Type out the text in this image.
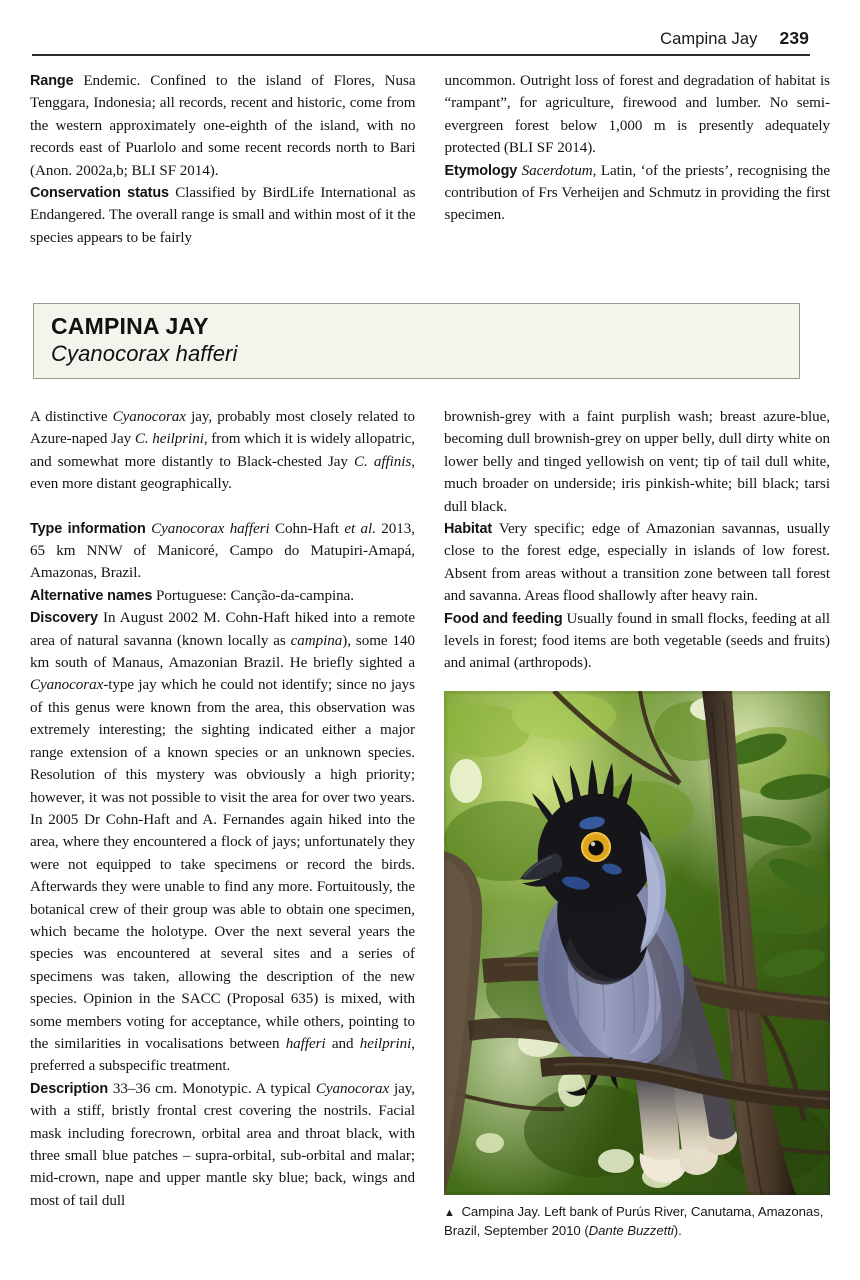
Campina Jay 239

Range Endemic. Confined to the island of Flores, Nusa Tenggara, Indonesia; all records, recent and historic, come from the western approximately one-eighth of the island, with no records east of Puarlolo and some recent records north to Bari (Anon. 2002a,b; BLI SF 2014).

Conservation status Classified by BirdLife International as Endangered. The overall range is small and within most of it the species appears to be fairly

uncommon. Outright loss of forest and degradation of habitat is “rampant”, for agriculture, firewood and lumber. No semi-evergreen forest below 1,000 m is presently adequately protected (BLI SF 2014).

Etymology Sacerdotum, Latin, ‘of the priests’, recognising the contribution of Frs Verheijen and Schmutz in providing the first specimen.

CAMPINA JAY
Cyanocorax hafferi

A distinctive Cyanocorax jay, probably most closely related to Azure-naped Jay C. heilprini, from which it is widely allopatric, and somewhat more distantly to Black-chested Jay C. affinis, even more distant geographically.

Type information Cyanocorax hafferi Cohn-Haft et al. 2013, 65 km NNW of Manicoré, Campo do Matupiri-Amapá, Amazonas, Brazil.

Alternative names Portuguese: Canção-da-campina.

Discovery In August 2002 M. Cohn-Haft hiked into a remote area of natural savanna (known locally as campina), some 140 km south of Manaus, Amazonian Brazil. He briefly sighted a Cyanocorax-type jay which he could not identify; since no jays of this genus were known from the area, this observation was extremely interesting; the sighting indicated either a major range extension of a known species or an unknown species. Resolution of this mystery was obviously a high priority; however, it was not possible to visit the area for over two years. In 2005 Dr Cohn-Haft and A. Fernandes again hiked into the area, where they encountered a flock of jays; unfortunately they were not equipped to take specimens or record the birds. Afterwards they were unable to find any more. Fortuitously, the botanical crew of their group was able to obtain one specimen, which became the holotype. Over the next several years the species was encountered at several sites and a series of specimens was taken, allowing the description of the new species. Opinion in the SACC (Proposal 635) is mixed, with some members voting for acceptance, while others, pointing to the similarities in vocalisations between hafferi and heilprini, preferred a subspecific treatment.

Description 33–36 cm. Monotypic. A typical Cyanocorax jay, with a stiff, bristly frontal crest covering the nostrils. Facial mask including forecrown, orbital area and throat black, with three small blue patches – supra-orbital, sub-orbital and malar; mid-crown, nape and upper mantle sky blue; back, wings and most of tail dull

brownish-grey with a faint purplish wash; breast azure-blue, becoming dull brownish-grey on upper belly, dull dirty white on lower belly and tinged yellowish on vent; tip of tail dull white, much broader on underside; iris pinkish-white; bill black; tarsi dull black.

Habitat Very specific; edge of Amazonian savannas, usually close to the forest edge, especially in islands of low forest. Absent from areas without a transition zone between tall forest and savanna. Areas flood shallowly after heavy rain.

Food and feeding Usually found in small flocks, feeding at all levels in forest; food items are both vegetable (seeds and fruits) and animal (arthropods).

▲ Campina Jay. Left bank of Purús River, Canutama, Amazonas, Brazil, September 2010 (Dante Buzzetti).
